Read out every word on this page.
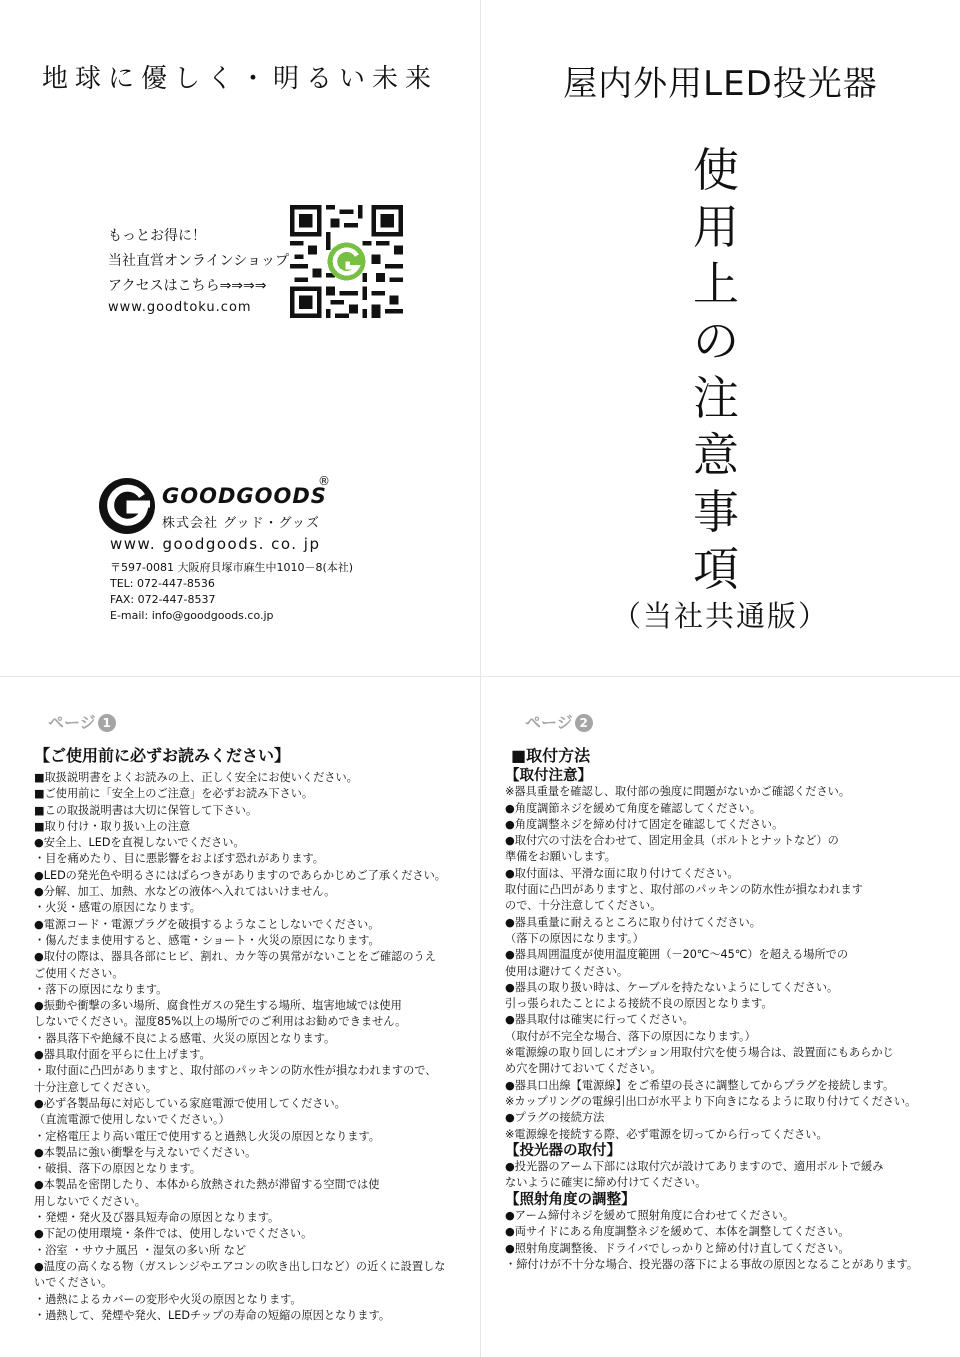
地球に優しく・明るい未来
もっとお得に！
当社直営オンラインショップ
アクセスはこちら⇒⇒⇒⇒
www.goodtoku.com
GOODGOODS
®
株式会社 グッド・グッズ
www. goodgoods. co. jp
〒597-0081 大阪府貝塚市麻生中1010－8(本社)
TEL: 072-447-8536
FAX: 072-447-8537
E-mail: info@goodgoods.co.jp
屋内外用LED投光器
使
用
上
の
注
意
事
項
（当社共通版）
ページ 1
【ご使用前に必ずお読みください】
■取扱説明書をよくお読みの上、正しく安全にお使いください。
■ご使用前に「安全上のご注意」を必ずお読み下さい。
■この取扱説明書は大切に保管して下さい。
■取り付け・取り扱い上の注意
●安全上、LEDを直視しないでください。
・目を痛めたり、目に悪影響をおよぼす恐れがあります。
●LEDの発光色や明るさにはばらつきがありますのであらかじめご了承ください。
●分解、加工、加熱、水などの液体へ入れてはいけません。
・火災・感電の原因になります。
●電源コード・電源プラグを破損するようなことしないでください。
・傷んだまま使用すると、感電・ショート・火災の原因になります。
●取付の際は、器具各部にヒビ、割れ、カケ等の異常がないことをご確認のうえ
ご使用ください。
・落下の原因になります。
●振動や衝撃の多い場所、腐食性ガスの発生する場所、塩害地域では使用
しないでください。湿度85%以上の場所でのご利用はお勧めできません。
・器具落下や絶縁不良による感電、火災の原因となります。
●器具取付面を平らに仕上げます。
・取付面に凸凹がありますと、取付部のパッキンの防水性が損なわれますので、
十分注意してください。
●必ず各製品毎に対応している家庭電源で使用してください。
（直流電源で使用しないでください。）
・定格電圧より高い電圧で使用すると過熱し火災の原因となります。
●本製品に強い衝撃を与えないでください。
・破損、落下の原因となります。
●本製品を密閉したり、本体から放熱された熱が滞留する空間では使
用しないでください。
・発煙・発火及び器具短寿命の原因となります。
●下記の使用環境・条件では、使用しないでください。
・浴室 ・サウナ風呂 ・湿気の多い所 など
●温度の高くなる物（ガスレンジやエアコンの吹き出し口など）の近くに設置しな
いでください。
・過熱によるカバーの変形や火災の原因となります。
・過熱して、発煙や発火、LEDチップの寿命の短縮の原因となります。
ページ 2
■取付方法
【取付注意】
※器具重量を確認し、取付部の強度に問題がないかご確認ください。
●角度調節ネジを緩めて角度を確認してください。
●角度調整ネジを締め付けて固定を確認してください。
●取付穴の寸法を合わせて、固定用金具（ボルトとナットなど）の
準備をお願いします。
●取付面は、平滑な面に取り付けてください。
取付面に凸凹がありますと、取付部のパッキンの防水性が損なわれます
ので、十分注意してください。
●器具重量に耐えるところに取り付けてください。
（落下の原因になります。）
●器具周囲温度が使用温度範囲（－20℃～45℃）を超える場所での
使用は避けてください。
●器具の取り扱い時は、ケーブルを持たないようにしてください。
引っ張られたことによる接続不良の原因となります。
●器具取付は確実に行ってください。
（取付が不完全な場合、落下の原因になります。）
※電源線の取り回しにオプション用取付穴を使う場合は、設置面にもあらかじ
め穴を開けておいてください。
●器具口出線【電源線】をご希望の長さに調整してからプラグを接続します。
※カップリングの電線引出口が水平より下向きになるように取り付けてください。
●プラグの接続方法
※電源線を接続する際、必ず電源を切ってから行ってください。
【投光器の取付】
●投光器のアーム下部には取付穴が設けてありますので、適用ボルトで緩み
ないように確実に締め付けてください。
【照射角度の調整】
●アーム締付ネジを緩めて照射角度に合わせてください。
●両サイドにある角度調整ネジを緩めて、本体を調整してください。
●照射角度調整後、ドライバでしっかりと締め付け直してください。
・締付けが不十分な場合、投光器の落下による事故の原因となることがあります。
